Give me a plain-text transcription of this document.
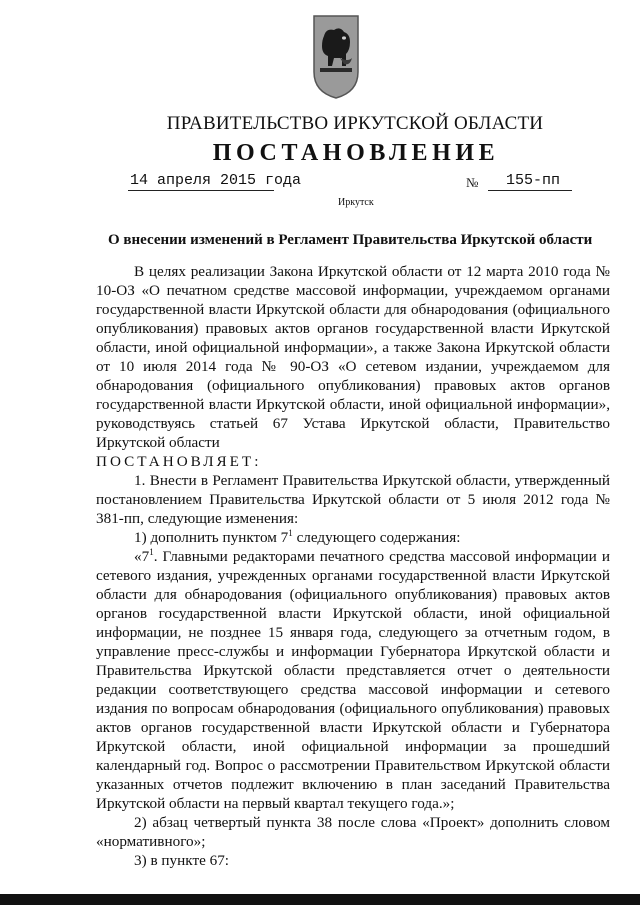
ПРАВИТЕЛЬСТВО ИРКУТСКОЙ ОБЛАСТИ
ПОСТАНОВЛЕНИЕ
14 апреля 2015 года	№ 155-пп
Иркутск
О внесении изменений в Регламент Правительства Иркутской области

В целях реализации Закона Иркутской области от 12 марта 2010 года № 10-ОЗ «О печатном средстве массовой информации, учреждаемом органами государственной власти Иркутской области для обнародования (официального опубликования) правовых актов органов государственной власти Иркутской области, иной официальной информации», а также Закона Иркутской области от 10 июля 2014 года № 90-ОЗ «О сетевом издании, учреждаемом для обнародования (официального опубликования) правовых актов органов государственной власти Иркутской области, иной официальной информации», руководствуясь статьей 67 Устава Иркутской области, Правительство Иркутской области

ПОСТАНОВЛЯЕТ:

1. Внести в Регламент Правительства Иркутской области, утвержденный постановлением Правительства Иркутской области от 5 июля 2012 года № 381-пп, следующие изменения:

1) дополнить пунктом $7^1$ следующего содержания:

«$7^1$. Главными редакторами печатного средства массовой информации и сетевого издания, учрежденных органами государственной власти Иркутской области для обнародования (официального опубликования) правовых актов органов государственной власти Иркутской области, иной официальной информации, не позднее 15 января года, следующего за отчетным годом, в управление пресс-службы и информации Губернатора Иркутской области и Правительства Иркутской области представляется отчет о деятельности редакции соответствующего средства массовой информации и сетевого издания по вопросам обнародования (официального опубликования) правовых актов органов государственной власти Иркутской области и Губернатора Иркутской области, иной официальной информации за прошедший календарный год. Вопрос о рассмотрении Правительством Иркутской области указанных отчетов подлежит включению в план заседаний Правительства Иркутской области на первый квартал текущего года.»;

2) абзац четвертый пункта 38 после слова «Проект» дополнить словом «нормативного»;

3) в пункте 67:
